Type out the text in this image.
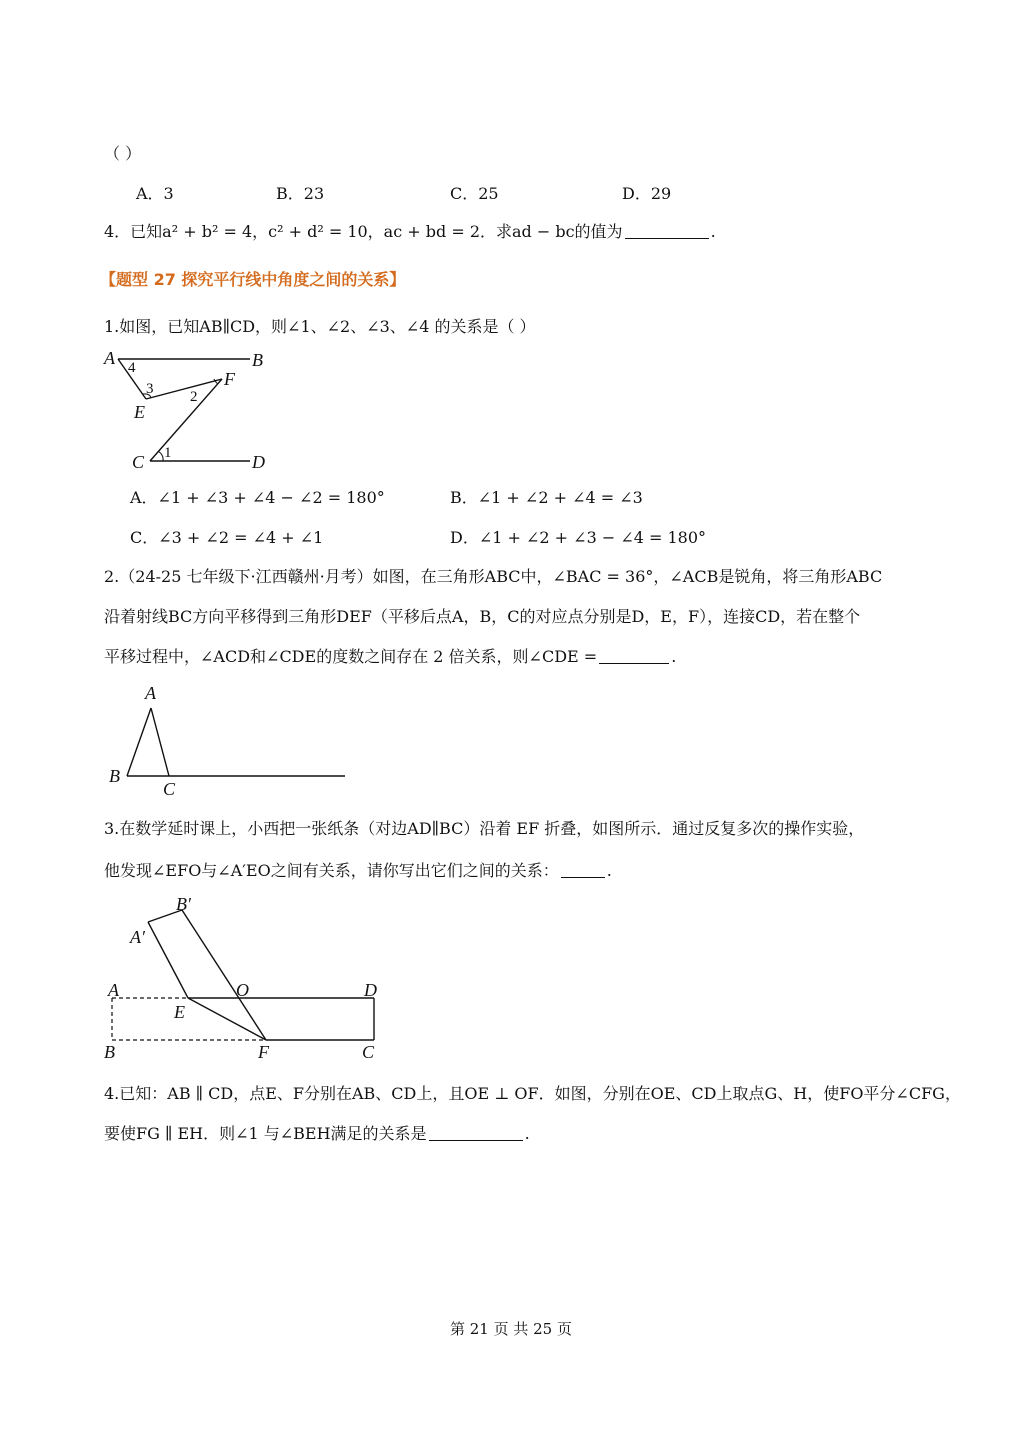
（ ）
A．3	B．23	C．25	D．29
4．已知a² + b² = 4，c² + d² = 10，ac + bd = 2．求ad − bc的值为	.
【题型 27 探究平行线中角度之间的关系】
1.如图，已知AB∥CD，则∠1、∠2、∠3、∠4 的关系是（ ）
A	B
E
F
C	D
1
2
3
4
A．∠1 + ∠3 + ∠4 − ∠2 = 180°	B．∠1 + ∠2 + ∠4 = ∠3
C．∠3 + ∠2 = ∠4 + ∠1	D．∠1 + ∠2 + ∠3 − ∠4 = 180°
2.（24-25 七年级下·江西赣州·月考）如图，在三角形ABC中，∠BAC = 36°，∠ACB是锐角，将三角形ABC
沿着射线BC方向平移得到三角形DEF（平移后点A，B，C的对应点分别是D，E，F），连接CD，若在整个
平移过程中，∠ACD和∠CDE的度数之间存在 2 倍关系，则∠CDE =	.
A
B
C
3.在数学延时课上，小西把一张纸条（对边AD∥BC）沿着 EF 折叠，如图所示．通过反复多次的操作实验，
他发现∠EFO与∠A′EO之间有关系，请你写出它们之间的关系：	.
B′
A′
A	O	D
E
B	F	C
4.已知：AB ∥ CD，点E、F分别在AB、CD上，且OE ⊥ OF．如图，分别在OE、CD上取点G、H，使FO平分∠CFG，
要使FG ∥ EH．则∠1 与∠BEH满足的关系是	.
第 21 页 共 25 页
